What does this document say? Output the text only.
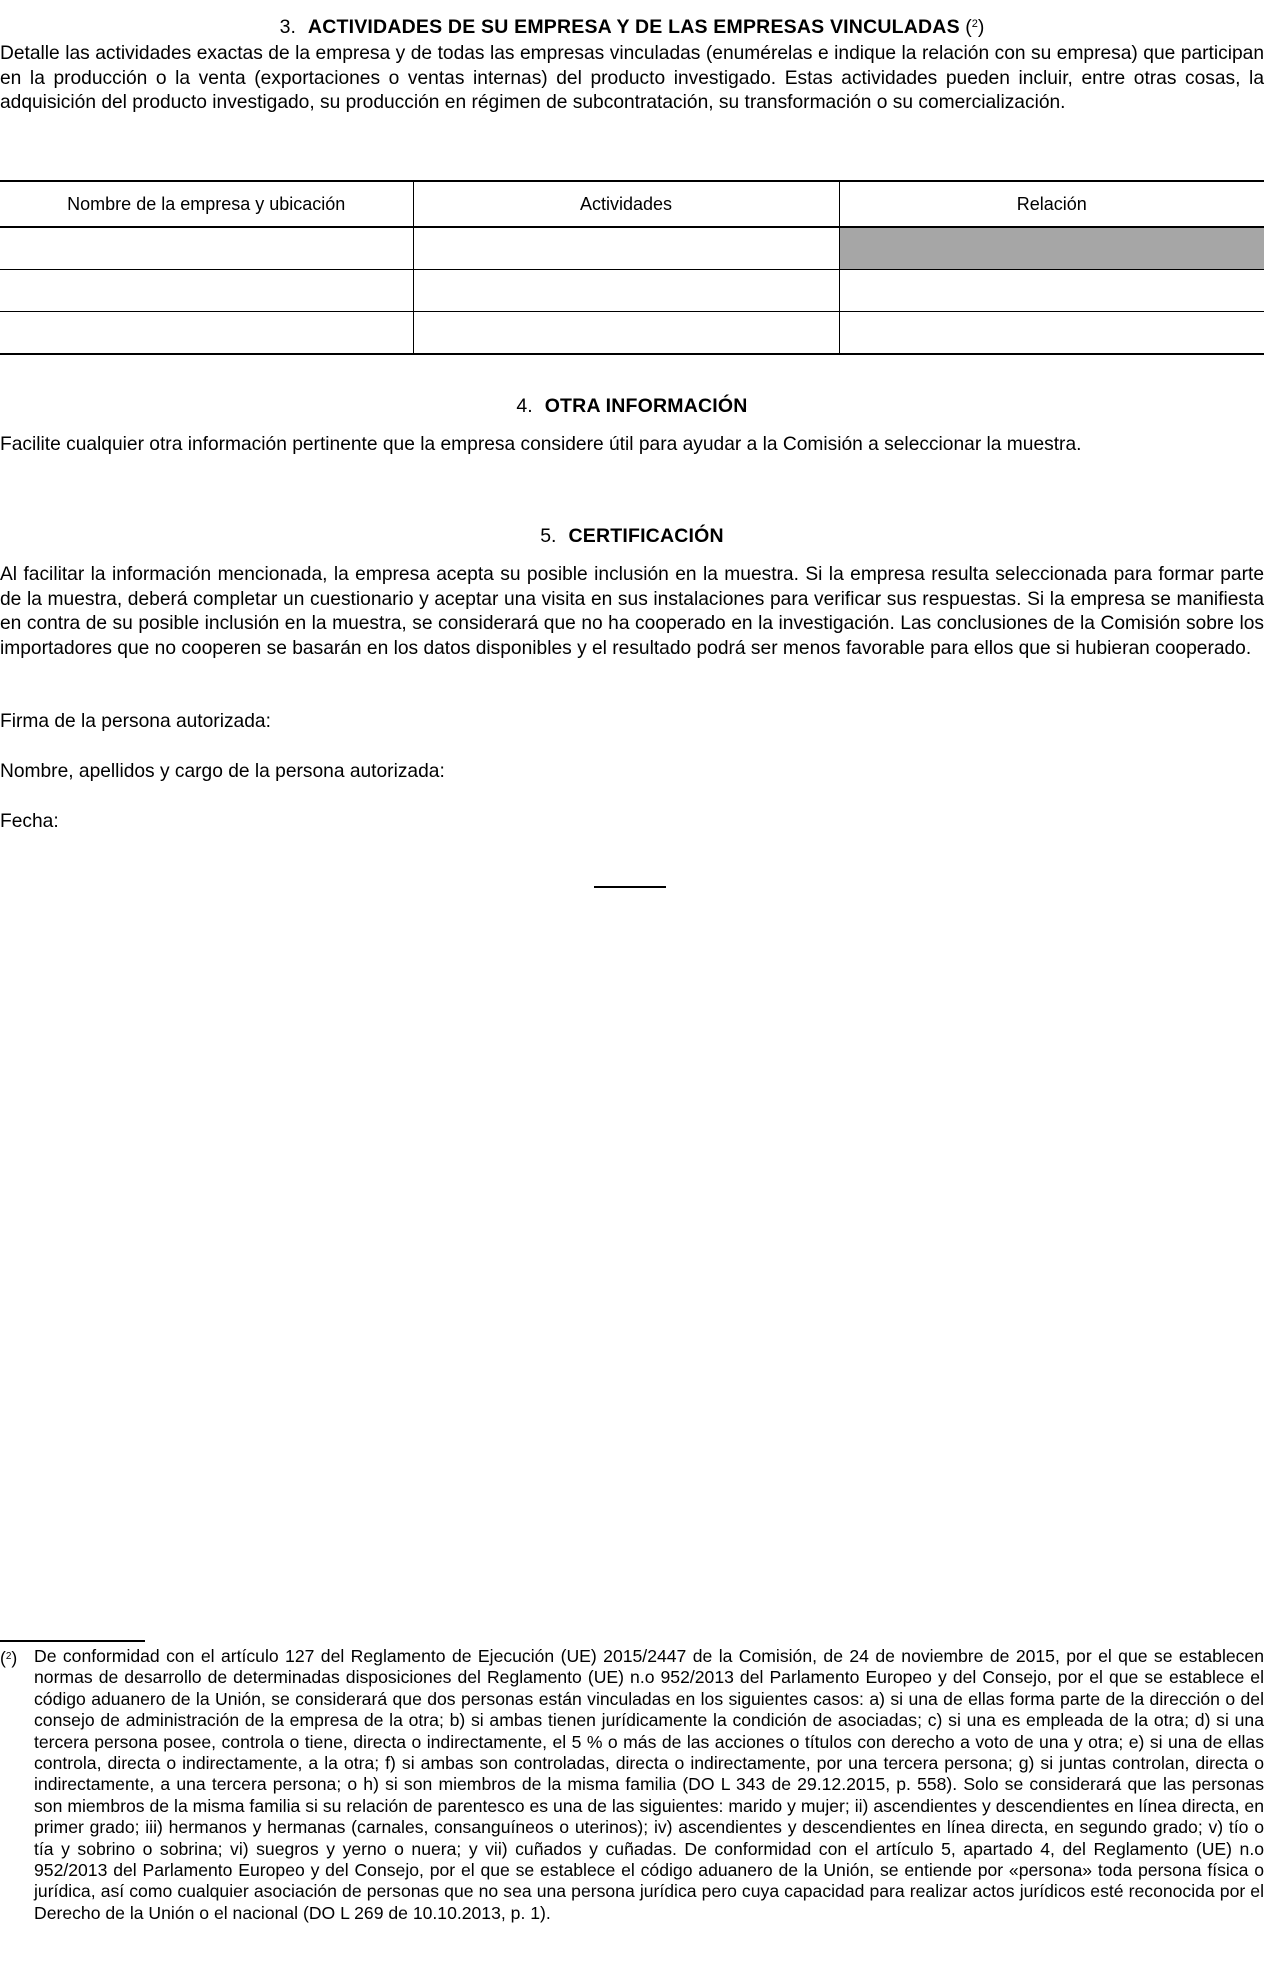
3. ACTIVIDADES DE SU EMPRESA Y DE LAS EMPRESAS VINCULADAS ($^2$)

Detalle las actividades exactas de la empresa y de todas las empresas vinculadas (enumérelas e indique la relación con su empresa) que participan en la producción o la venta (exportaciones o ventas internas) del producto investigado. Estas actividades pueden incluir, entre otras cosas, la adquisición del producto investigado, su producción en régimen de subcontratación, su transformación o su comercialización.

Nombre de la empresa y ubicación	Actividades	Relación

4. OTRA INFORMACIÓN

Facilite cualquier otra información pertinente que la empresa considere útil para ayudar a la Comisión a seleccionar la muestra.

5. CERTIFICACIÓN

Al facilitar la información mencionada, la empresa acepta su posible inclusión en la muestra. Si la empresa resulta seleccionada para formar parte de la muestra, deberá completar un cuestionario y aceptar una visita en sus instalaciones para verificar sus respuestas. Si la empresa se manifiesta en contra de su posible inclusión en la muestra, se considerará que no ha cooperado en la investigación. Las conclusiones de la Comisión sobre los importadores que no cooperen se basarán en los datos disponibles y el resultado podrá ser menos favorable para ellos que si hubieran cooperado.

Firma de la persona autorizada:
Nombre, apellidos y cargo de la persona autorizada:
Fecha:
($^2$) De conformidad con el artículo 127 del Reglamento de Ejecución (UE) 2015/2447 de la Comisión, de 24 de noviembre de 2015, por el que se establecen normas de desarrollo de determinadas disposiciones del Reglamento (UE) n.o 952/2013 del Parlamento Europeo y del Consejo, por el que se establece el código aduanero de la Unión, se considerará que dos personas están vinculadas en los siguientes casos: a) si una de ellas forma parte de la dirección o del consejo de administración de la empresa de la otra; b) si ambas tienen jurídicamente la condición de asociadas; c) si una es empleada de la otra; d) si una tercera persona posee, controla o tiene, directa o indirectamente, el 5 % o más de las acciones o títulos con derecho a voto de una y otra; e) si una de ellas controla, directa o indirectamente, a la otra; f) si ambas son controladas, directa o indirectamente, por una tercera persona; g) si juntas controlan, directa o indirectamente, a una tercera persona; o h) si son miembros de la misma familia (DO L 343 de 29.12.2015, p. 558). Solo se considerará que las personas son miembros de la misma familia si su relación de parentesco es una de las siguientes: marido y mujer; ii) ascendientes y descendientes en línea directa, en primer grado; iii) hermanos y hermanas (carnales, consanguíneos o uterinos); iv) ascendientes y descendientes en línea directa, en segundo grado; v) tío o tía y sobrino o sobrina; vi) suegros y yerno o nuera; y vii) cuñados y cuñadas. De conformidad con el artículo 5, apartado 4, del Reglamento (UE) n.o 952/2013 del Parlamento Europeo y del Consejo, por el que se establece el código aduanero de la Unión, se entiende por «persona» toda persona física o jurídica, así como cualquier asociación de personas que no sea una persona jurídica pero cuya capacidad para realizar actos jurídicos esté reconocida por el Derecho de la Unión o el nacional (DO L 269 de 10.10.2013, p. 1).
